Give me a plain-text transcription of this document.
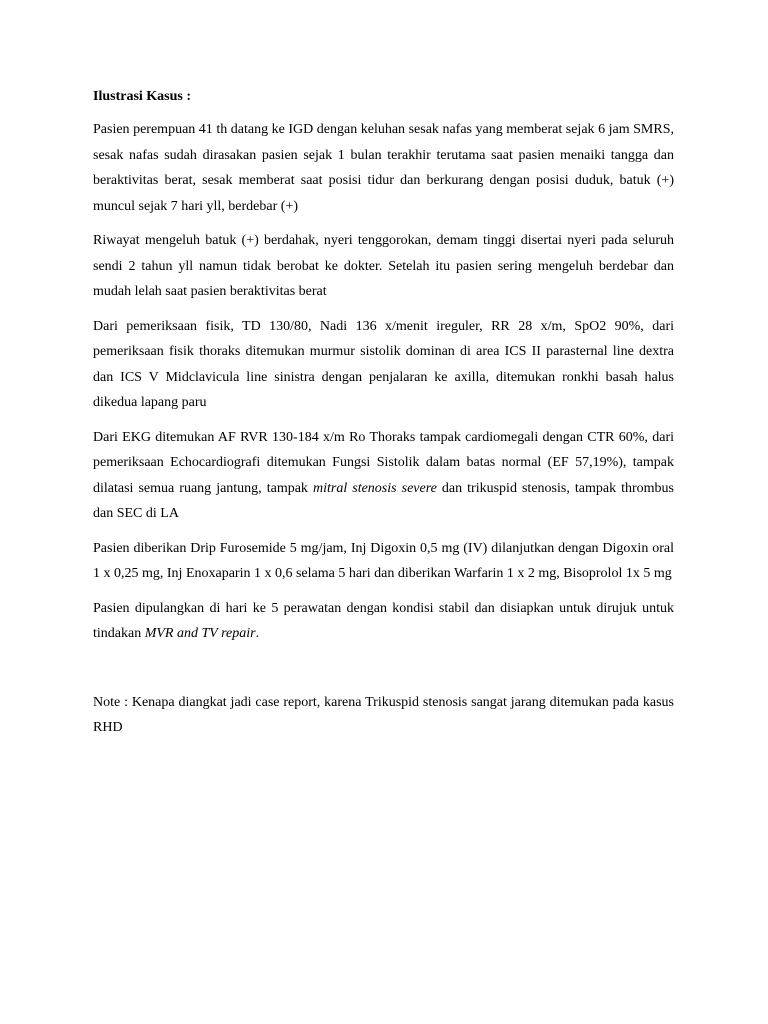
Ilustrasi Kasus :

Pasien perempuan 41 th datang ke IGD dengan keluhan sesak nafas yang memberat sejak 6 jam SMRS, sesak nafas sudah dirasakan pasien sejak 1 bulan terakhir terutama saat pasien menaiki tangga dan beraktivitas berat, sesak memberat saat posisi tidur dan berkurang dengan posisi duduk, batuk (+) muncul sejak 7 hari yll, berdebar (+)

Riwayat mengeluh batuk (+) berdahak, nyeri tenggorokan, demam tinggi disertai nyeri pada seluruh sendi 2 tahun yll namun tidak berobat ke dokter. Setelah itu pasien sering mengeluh berdebar dan mudah lelah saat pasien beraktivitas berat

Dari pemeriksaan fisik, TD 130/80, Nadi 136 x/menit ireguler, RR 28 x/m, SpO2 90%, dari pemeriksaan fisik thoraks ditemukan murmur sistolik dominan di area ICS II parasternal line dextra dan ICS V Midclavicula line sinistra dengan penjalaran ke axilla, ditemukan ronkhi basah halus dikedua lapang paru

Dari EKG ditemukan AF RVR 130-184 x/m Ro Thoraks tampak cardiomegali dengan CTR 60%, dari pemeriksaan Echocardiografi ditemukan Fungsi Sistolik dalam batas normal (EF 57,19%), tampak dilatasi semua ruang jantung, tampak mitral stenosis severe dan trikuspid stenosis, tampak thrombus dan SEC di LA

Pasien diberikan Drip Furosemide 5 mg/jam, Inj Digoxin 0,5 mg (IV) dilanjutkan dengan Digoxin oral 1 x 0,25 mg, Inj Enoxaparin 1 x 0,6 selama 5 hari dan diberikan Warfarin 1 x 2 mg, Bisoprolol 1x 5 mg

Pasien dipulangkan di hari ke 5 perawatan dengan kondisi stabil dan disiapkan untuk dirujuk untuk tindakan MVR and TV repair.

Note : Kenapa diangkat jadi case report, karena Trikuspid stenosis sangat jarang ditemukan pada kasus RHD
